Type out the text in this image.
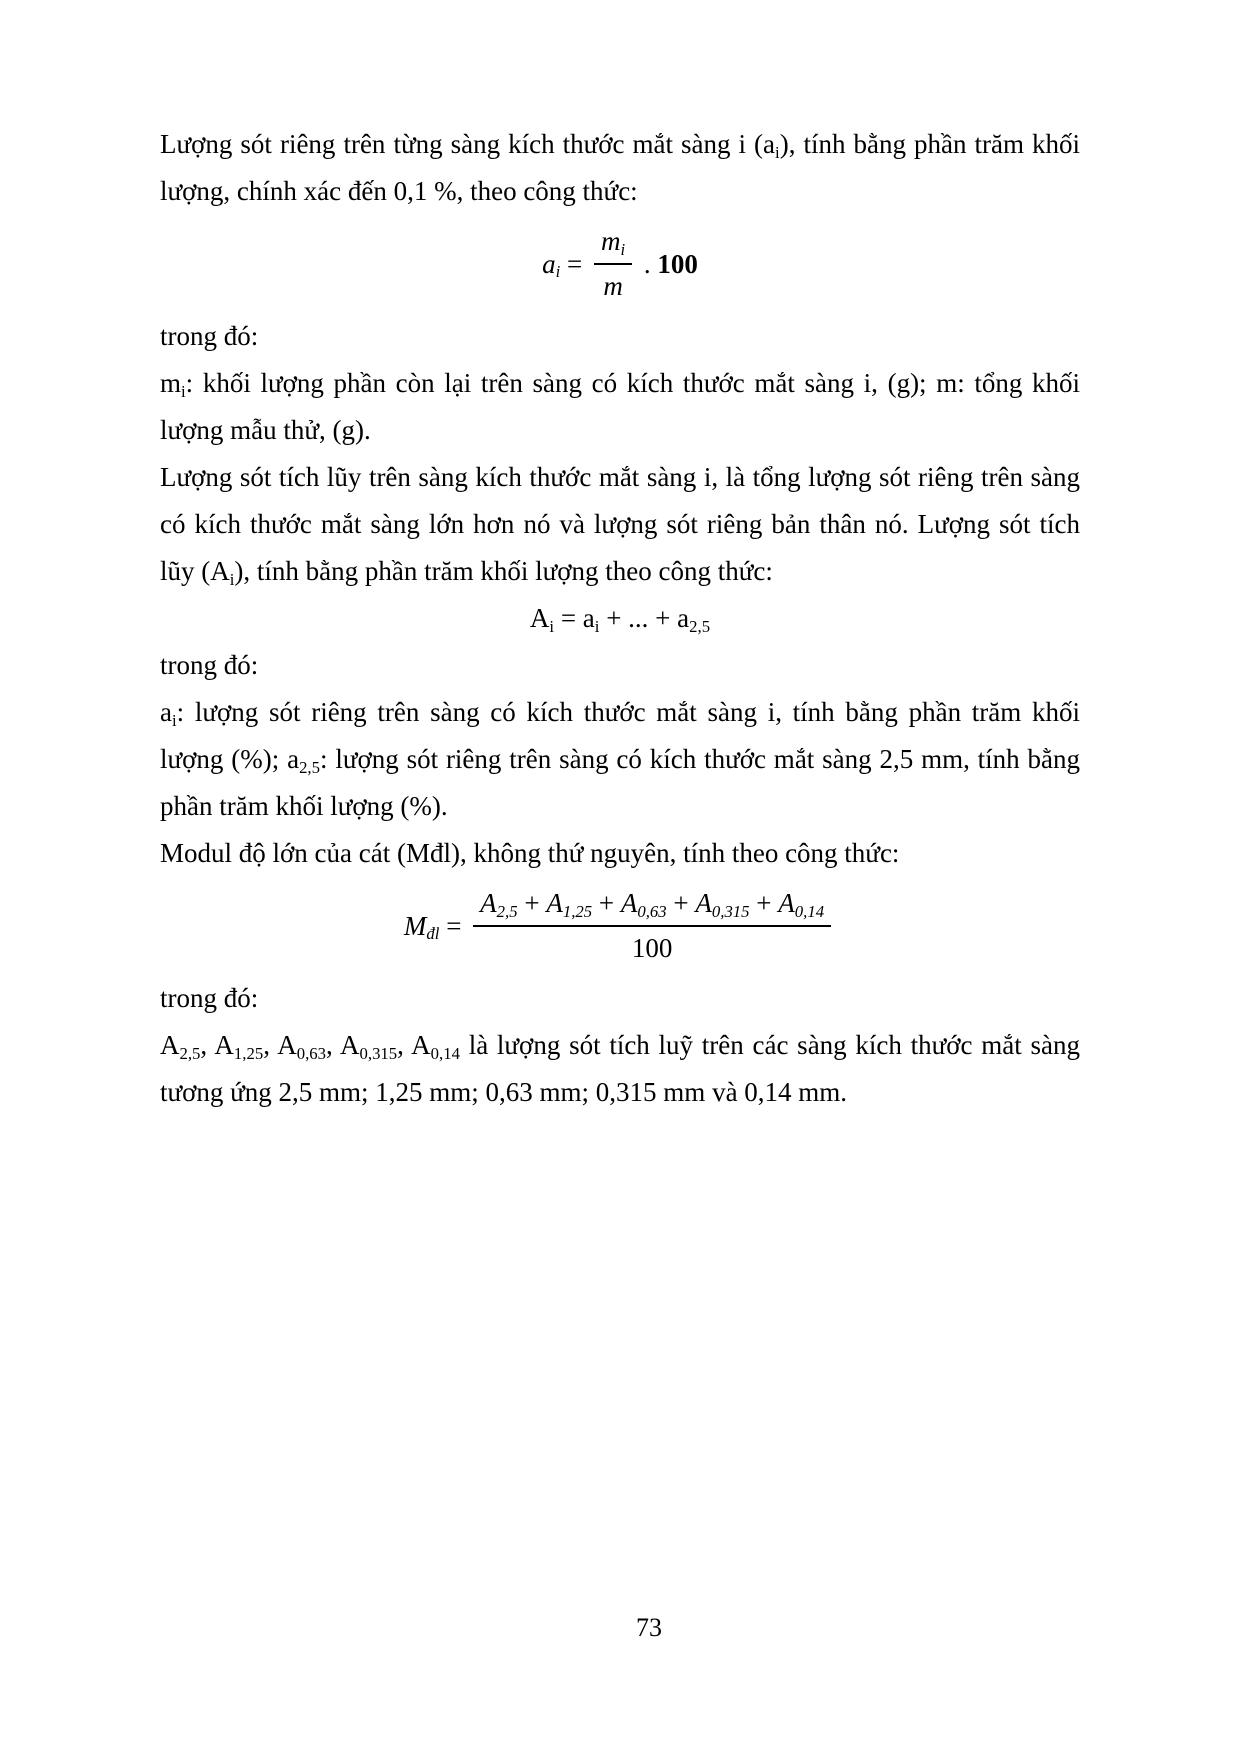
Lượng sót riêng trên từng sàng kích thước mắt sàng i $(a_i)$, tính bằng phần trăm khối lượng, chính xác đến 0,1 %, theo công thức:
$a_i = \frac{m_i}{m}$ . 100
trong đó:
$m_i$: khối lượng phần còn lại trên sàng có kích thước mắt sàng i, (g); m: tổng khối lượng mẫu thử, (g).
Lượng sót tích lũy trên sàng kích thước mắt sàng i, là tổng lượng sót riêng trên sàng có kích thước mắt sàng lớn hơn nó và lượng sót riêng bản thân nó. Lượng sót tích lũy $(A_i)$, tính bằng phần trăm khối lượng theo công thức:
$A_i = a_i$ + ... + $a_{2,5}$
trong đó:
$a_i$: lượng sót riêng trên sàng có kích thước mắt sàng i, tính bằng phần trăm khối lượng (%); $a_{2,5}$: lượng sót riêng trên sàng có kích thước mắt sàng 2,5 mm, tính bằng phần trăm khối lượng (%).
Modul độ lớn của cát (Mđl), không thứ nguyên, tính theo công thức:
$M_{đl} = \frac{A_{2,5} + A_{1,25} + A_{0,63} + A_{0,315} + A_{0,14}}{100}$
trong đó:
$A_{2,5}$, $A_{1,25}$, $A_{0,63}$, $A_{0,315}$, $A_{0,14}$ là lượng sót tích luỹ trên các sàng kích thước mắt sàng tương ứng 2,5 mm; 1,25 mm; 0,63 mm; 0,315 mm và 0,14 mm.
73
